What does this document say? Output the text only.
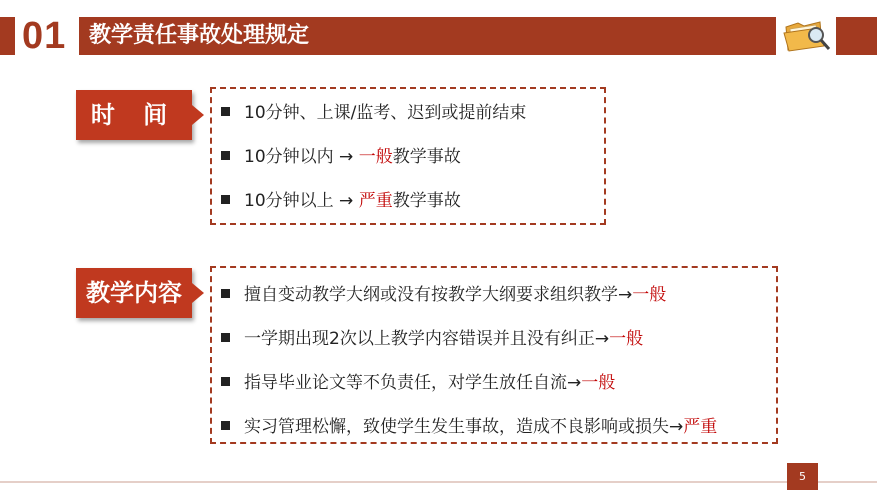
01 教学责任事故处理规定
时 间	10分钟、上课/监考、迟到或提前结束
10分钟以内 → 一般教学事故
10分钟以上 → 严重教学事故
教学内容	擅自变动教学大纲或没有按教学大纲要求组织教学→一般
一学期出现2次以上教学内容错误并且没有纠正→一般
指导毕业论文等不负责任，对学生放任自流→一般
实习管理松懈，致使学生发生事故，造成不良影响或损失→严重
5
